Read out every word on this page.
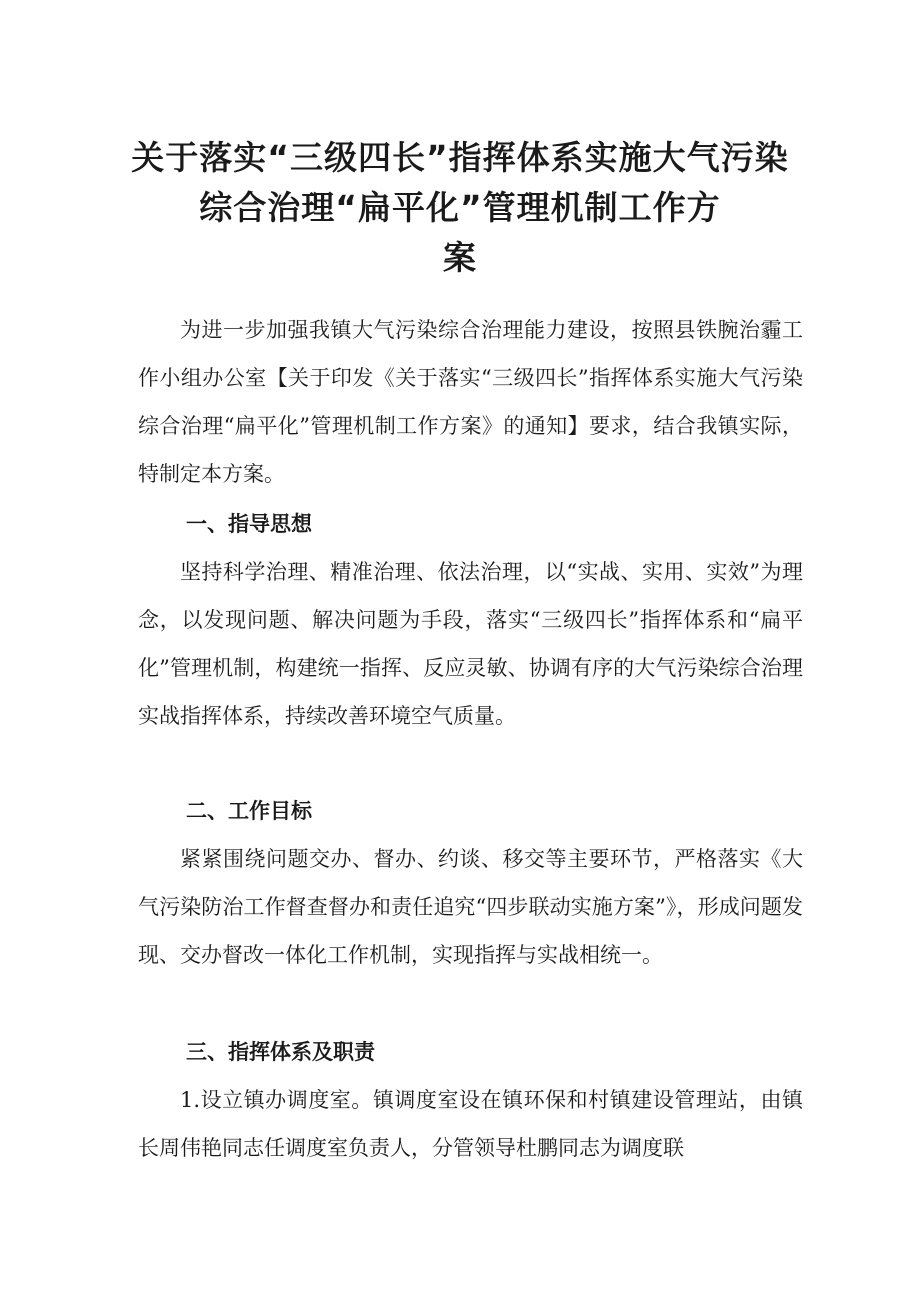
关于落实“三级四长”指挥体系实施大气污染
综合治理“扁平化”管理机制工作方
案

为进一步加强我镇大气污染综合治理能力建设，按照县铁腕治霾工作小组办公室【关于印发《关于落实“三级四长”指挥体系实施大气污染综合治理“扁平化”管理机制工作方案》的通知】要求，结合我镇实际，特制定本方案。

一、指导思想

坚持科学治理、精准治理、依法治理，以“实战、实用、实效”为理念，以发现问题、解决问题为手段，落实“三级四长”指挥体系和“扁平化”管理机制，构建统一指挥、反应灵敏、协调有序的大气污染综合治理实战指挥体系，持续改善环境空气质量。

二、工作目标

紧紧围绕问题交办、督办、约谈、移交等主要环节，严格落实《大气污染防治工作督查督办和责任追究“四步联动实施方案”》，形成问题发现、交办督改一体化工作机制，实现指挥与实战相统一。

三、指挥体系及职责

1.设立镇办调度室。镇调度室设在镇环保和村镇建设管理站，由镇长周伟艳同志任调度室负责人，分管领导杜鹏同志为调度联
